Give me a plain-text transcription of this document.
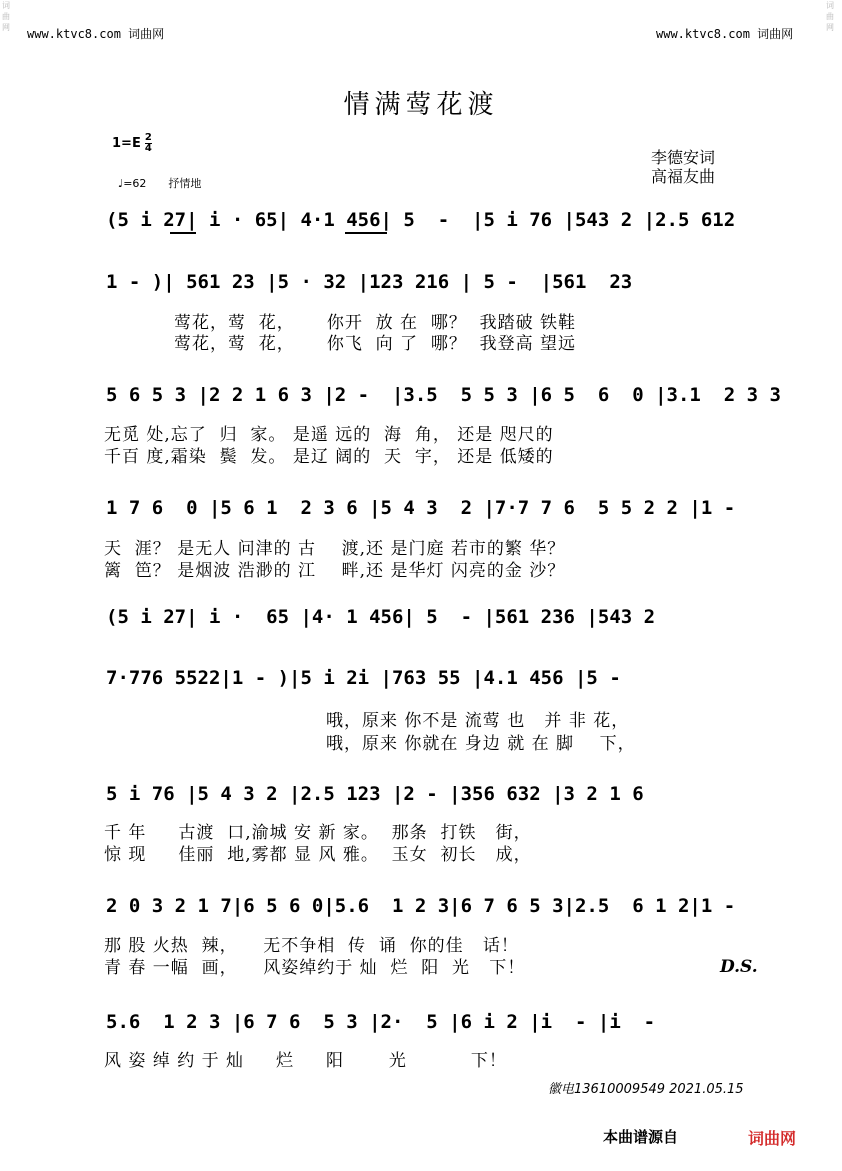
词曲网	www.ktvc8.com 词曲网	www.ktvc8.com 词曲网
情满莺花渡
$1=E \frac{2}{4}$
♩=62　　抒情地
李德安词
高福友曲
(5 i 27| i · 65| 4·1 456| 5  -  |5 i 76 |543 2 |2.5 612
1 - )| 561 23 |5 · 32 |123 216 | 5 -  |561  23
莺花，莺  花，     你开  放 在  哪？  我踏破 铁鞋
莺花，莺  花，     你飞  向 了  哪？  我登高 望远
5 6 5 3 |2 2 1 6 3 |2 -  |3.5  5 5 3 |6 5  6  0 |3.1  2 3 3
无觅 处,忘了  归  家。 是遥 远的  海  角， 还是 咫尺的
千百 度,霜染  鬓  发。 是辽 阔的  天  宇， 还是 低矮的
1 7 6  0 |5 6 1  2 3 6 |5 4 3  2 |7·7 7 6  5 5 2 2 |1 -
天  涯？ 是无人 问津的 古    渡,还 是门庭 若市的繁 华？
篱  笆？ 是烟波 浩渺的 江    畔,还 是华灯 闪亮的金 沙？
(5 i 27| i ·  65 |4· 1 456| 5  - |561 236 |543 2
7·776 5522|1 - )|5 i 2i |763 55 |4.1 456 |5 -
哦，原来 你不是 流莺 也   并 非 花，
哦，原来 你就在 身边 就 在 脚    下，
5 i 76 |5 4 3 2 |2.5 123 |2 - |356 632 |3 2 1 6
千 年     古渡  口,渝城 安 新 家。  那条  打铁   街，
惊 现     佳丽  地,雾都 显 风 雅。  玉女  初长   成，
2 0 3 2 1 7|6 5 6 0|5.6  1 2 3|6 7 6 5 3|2.5  6 1 2|1 -
那 股 火热  辣，    无不争相  传  诵  你的佳   话！
青 春 一幅  画，    风姿绰约于 灿  烂  阳  光   下！	D.S.
5.6  1 2 3 |6 7 6  5 3 |2·  5 |6 i 2 |i  - |i  -
风 姿 绰 约 于 灿     烂     阳       光          下！
徽电13610009549 2021.05.15
本曲谱源自	词曲网
词曲网
